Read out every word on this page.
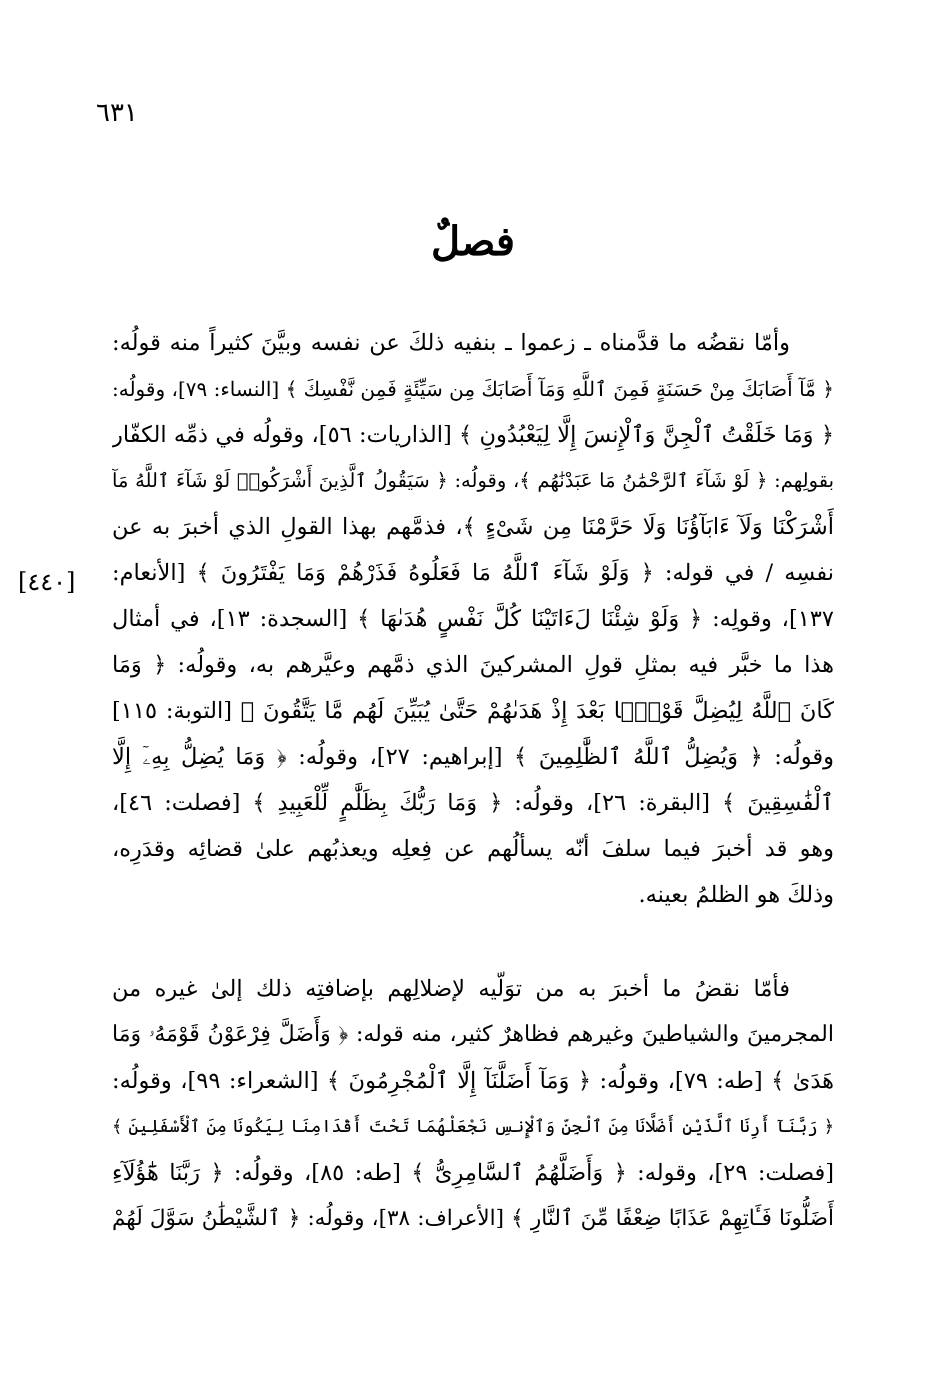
٦٣١
فصلٌ
[٤٤٠]
وأمّا نقضُه ما قدَّمناه ـ زعموا ـ بنفيه ذلكَ عن نفسه وبيَّنَ كثيراً منه قولُه:
﴿ مَّآ أَصَابَكَ مِنْ حَسَنَةٍ فَمِنَ ٱللَّهِ وَمَآ أَصَابَكَ مِن سَيِّئَةٍ فَمِن نَّفْسِكَ ﴾ [النساء: ٧٩]، وقولُه:
﴿ وَمَا خَلَقْتُ ٱلْجِنَّ وَٱلْإِنسَ إِلَّا لِيَعْبُدُونِ ﴾ [الذاريات: ٥٦]، وقولُه في ذمِّه الكفّار
بقولِهم: ﴿ لَوْ شَآءَ ٱلرَّحْمَٰنُ مَا عَبَدْنَٰهُم ﴾، وقولُه: ﴿ سَيَقُولُ ٱلَّذِينَ أَشْرَكُوا۟ لَوْ شَآءَ ٱللَّهُ مَآ
أَشْرَكْنَا وَلَآ ءَابَآؤُنَا وَلَا حَرَّمْنَا مِن شَىْءٍ ﴾، فذمَّهم بهذا القولِ الذي أخبرَ به عن
نفسِه / في قوله: ﴿ وَلَوْ شَآءَ ٱللَّهُ مَا فَعَلُوهُ فَذَرْهُمْ وَمَا يَفْتَرُونَ ﴾ [الأنعام:
١٣٧]، وقولِه: ﴿ وَلَوْ شِئْنَا لَءَاتَيْنَا كُلَّ نَفْسٍ هُدَىٰهَا ﴾ [السجدة: ١٣]، في أمثال
هذا ما خبَّر فيه بمثلِ قولِ المشركينَ الذي ذمَّهم وعيَّرهم به، وقولُه: ﴿ وَمَا
كَانَ ٱللَّهُ لِيُضِلَّ قَوْمًۢا بَعْدَ إِذْ هَدَىٰهُمْ حَتَّىٰ يُبَيِّنَ لَهُم مَّا يَتَّقُونَ ﴾ [التوبة: ١١٥]
وقولُه: ﴿ وَيُضِلُّ ٱللَّهُ ٱلظَّٰلِمِينَ ﴾ [إبراهيم: ٢٧]، وقولُه: ﴿ وَمَا يُضِلُّ بِهِۦٓ إِلَّا
ٱلْفَٰسِقِينَ ﴾ [البقرة: ٢٦]، وقولُه: ﴿ وَمَا رَبُّكَ بِظَلَّٰمٍ لِّلْعَبِيدِ ﴾ [فصلت: ٤٦]،
وهو قد أخبرَ فيما سلفَ أنّه يسألُهم عن فِعلِه ويعذبُهم علىٰ قضائِه وقدَرِه،
وذلكَ هو الظلمُ بعينه.
فأمّا نقضُ ما أخبرَ به من توَلّيه لإضلالِهم بإضافتِه ذلك إلىٰ غيره من
المجرمينَ والشياطينَ وغيرهم فظاهرٌ كثير، منه قوله: ﴿ وَأَضَلَّ فِرْعَوْنُ قَوْمَهُۥ وَمَا
هَدَىٰ ﴾ [طه: ٧٩]، وقولُه: ﴿ وَمَآ أَضَلَّنَآ إِلَّا ٱلْمُجْرِمُونَ ﴾ [الشعراء: ٩٩]، وقولُه:
﴿ رَبَّنَآ أَرِنَا ٱلَّذَيْنِ أَضَلَّانَا مِنَ ٱلْجِنِّ وَٱلْإِنسِ نَجْعَلْهُمَا تَحْتَ أَقْدَامِنَا لِيَكُونَا مِنَ ٱلْأَسْفَلِينَ ﴾
[فصلت: ٢٩]، وقوله: ﴿ وَأَضَلَّهُمُ ٱلسَّامِرِىُّ ﴾ [طه: ٨٥]، وقولُه: ﴿ رَبَّنَا هَٰٓؤُلَآءِ
أَضَلُّونَا فَـَٔاتِهِمْ عَذَابًا ضِعْفًا مِّنَ ٱلنَّارِ ﴾ [الأعراف: ٣٨]، وقولُه: ﴿ ٱلشَّيْطَٰنُ سَوَّلَ لَهُمْ
